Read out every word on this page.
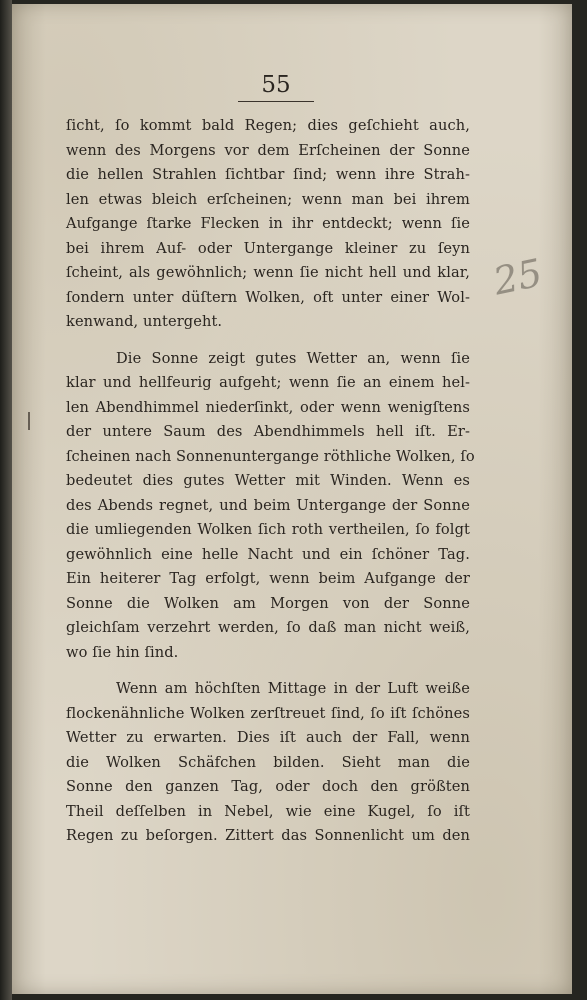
55
ſicht, ſo kommt bald Regen; dies geſchieht auch,
wenn des Morgens vor dem Erſcheinen der Sonne
die hellen Strahlen ſichtbar ſind; wenn ihre Strah-
len etwas bleich erſcheinen; wenn man bei ihrem
Aufgange ſtarke Flecken in ihr entdeckt; wenn ſie
bei ihrem Auf- oder Untergange kleiner zu ſeyn
ſcheint, als gewöhnlich; wenn ſie nicht hell und klar,
ſondern unter düſtern Wolken, oft unter einer Wol-
kenwand, untergeht.
Die Sonne zeigt gutes Wetter an, wenn ſie
klar und hellfeurig aufgeht; wenn ſie an einem hel-
len Abendhimmel niederſinkt, oder wenn wenigſtens
der untere Saum des Abendhimmels hell iſt. Er-
ſcheinen nach Sonnenuntergange röthliche Wolken, ſo
bedeutet dies gutes Wetter mit Winden. Wenn es
des Abends regnet, und beim Untergange der Sonne
die umliegenden Wolken ſich roth vertheilen, ſo folgt
gewöhnlich eine helle Nacht und ein ſchöner Tag.
Ein heiterer Tag erfolgt, wenn beim Aufgange der
Sonne die Wolken am Morgen von der Sonne
gleichſam verzehrt werden, ſo daß man nicht weiß,
wo ſie hin ſind.
Wenn am höchſten Mittage in der Luft weiße
flockenähnliche Wolken zerſtreuet ſind, ſo iſt ſchönes
Wetter zu erwarten. Dies iſt auch der Fall, wenn
die Wolken Schäfchen bilden. Sieht man die
Sonne den ganzen Tag, oder doch den größten
Theil deſſelben in Nebel, wie eine Kugel, ſo iſt
Regen zu beſorgen. Zittert das Sonnenlicht um den
25
